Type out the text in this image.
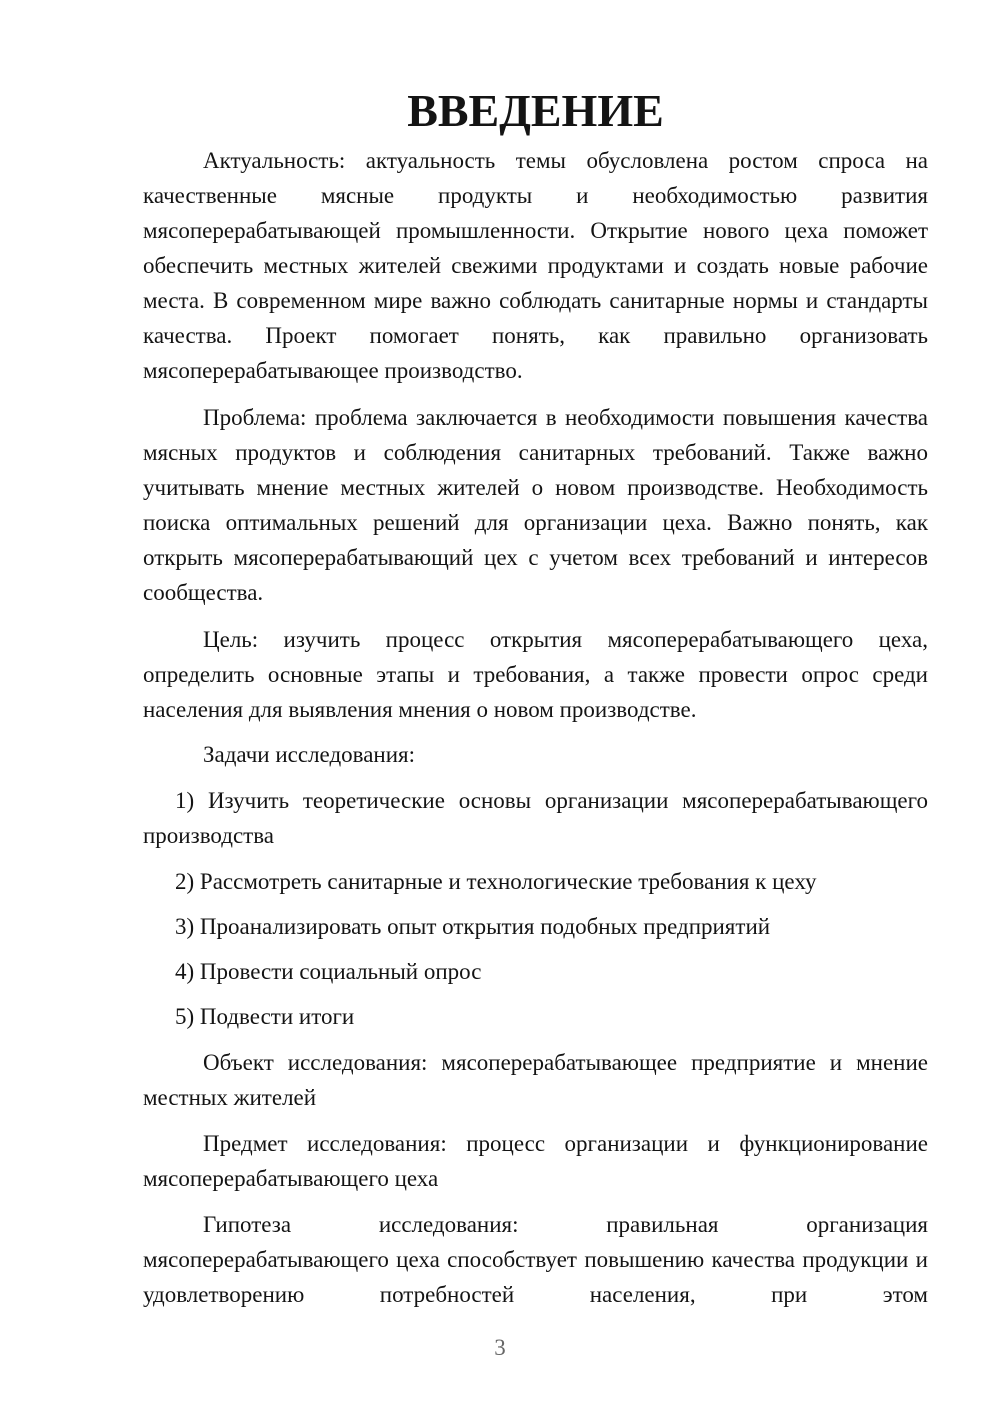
ВВЕДЕНИЕ

Актуальность: актуальность темы обусловлена ростом спроса на качественные мясные продукты и необходимостью развития мясоперерабатывающей промышленности. Открытие нового цеха поможет обеспечить местных жителей свежими продуктами и создать новые рабочие места. В современном мире важно соблюдать санитарные нормы и стандарты качества. Проект помогает понять, как правильно организовать мясоперерабатывающее производство.

Проблема: проблема заключается в необходимости повышения качества мясных продуктов и соблюдения санитарных требований. Также важно учитывать мнение местных жителей о новом производстве. Необходимость поиска оптимальных решений для организации цеха. Важно понять, как открыть мясоперерабатывающий цех с учетом всех требований и интересов сообщества.

Цель: изучить процесс открытия мясоперерабатывающего цеха, определить основные этапы и требования, а также провести опрос среди населения для выявления мнения о новом производстве.

Задачи исследования:

1) Изучить теоретические основы организации мясоперерабатывающего производства

2) Рассмотреть санитарные и технологические требования к цеху

3) Проанализировать опыт открытия подобных предприятий

4) Провести социальный опрос

5) Подвести итоги

Объект исследования: мясоперерабатывающее предприятие и мнение местных жителей

Предмет исследования: процесс организации и функционирование мясоперерабатывающего цеха

Гипотеза исследования: правильная организация мясоперерабатывающего цеха способствует повышению качества продукции и удовлетворению потребностей населения, при этом

3
